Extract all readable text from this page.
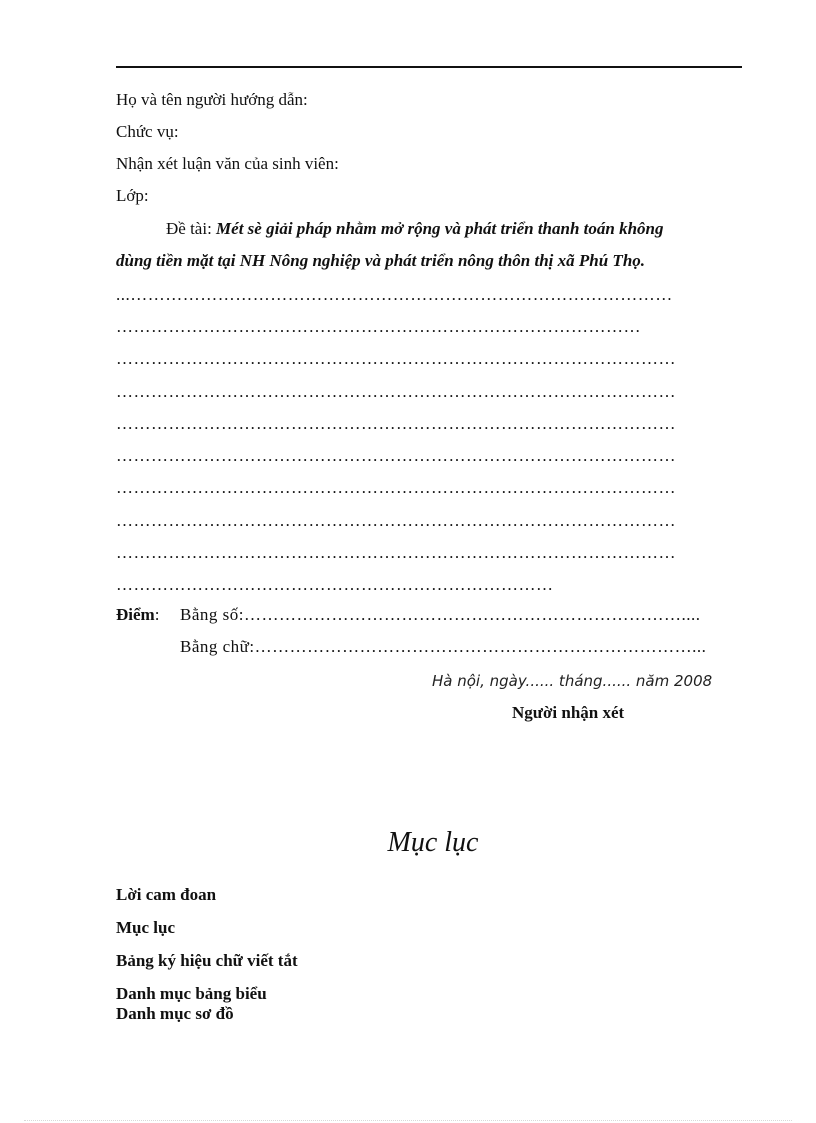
Họ và tên người hướng dẫn:
Chức vụ:
Nhận xét luận văn của sinh viên:
Lớp:
Đề tài: Mét sè giải pháp nhằm mở rộng và phát triển thanh toán không
dùng tiền mặt tại NH Nông nghiệp và phát triển nông thôn thị xã Phú Thọ.
...…………………………………………………………………………………
………………………………………………………………………………
……………………………………………………………………………………
……………………………………………………………………………………
……………………………………………………………………………………
……………………………………………………………………………………
……………………………………………………………………………………
……………………………………………………………………………………
……………………………………………………………………………………
…………………………………………………………………
Điểm: Bằng số:…………………………………………………………………....
Bằng chữ:…………………………………………………………………...
Hà nội, ngày...... tháng...... năm 2008
Người nhận xét
Mục lục
Lời cam đoan
Mục lục
Bảng ký hiệu chữ viết tắt
Danh mục bảng biểu
Danh mục sơ đồ
